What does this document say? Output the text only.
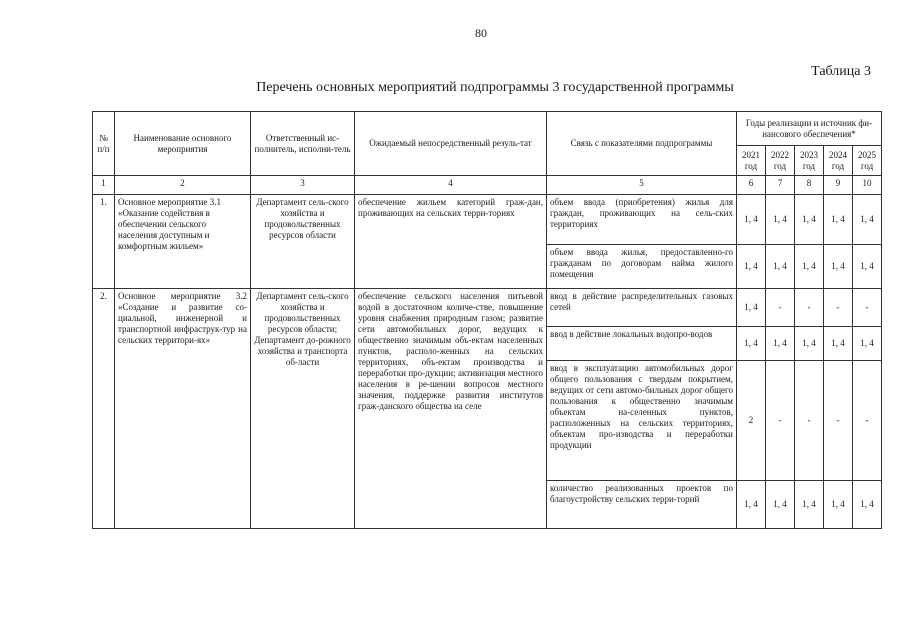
80
Таблица 3
Перечень основных мероприятий подпрограммы 3 государственной программы
№ п/п	Наименование основного мероприятия	Ответственный ис-полнитель, исполни-тель	Ожидаемый непосредственный резуль-тат	Связь с показателями подпрограммы	Годы реализации и источник фи-нансового обеспечения*				
					2021 год	2022 год	2023 год	2024 год	2025 год
1	2	3	4	5	6	7	8	9	10
1.	Основное мероприятие 3.1 «Оказание содействия в обеспечении сельского населения доступным и комфортным жильем»	Департамент сель-ского хозяйства и продовольственных ресурсов области	обеспечение жильем категорий граж-дан, проживающих на сельских терри-ториях	объем ввода (приобретения) жилья для граждан, проживающих на сель-ских территориях	1, 4	1, 4	1, 4	1, 4	1, 4
				объем ввода жилья, предоставленно-го гражданам по договорам найма жилого помещения	1, 4	1, 4	1, 4	1, 4	1, 4
2.	Основное мероприятие 3.2 «Создание и развитие со-циальной, инженерной и транспортной инфраструк-тур на сельских территори-ях»	Департамент сель-ского хозяйства и продовольственных ресурсов области; Департамент до-рожного хозяйства и транспорта об-ласти	обеспечение сельского населения питьевой водой в достаточном количе-стве, повышение уровня снабжения природным газом; развитие сети автомобильных дорог, ведущих к общественно значимым объ-ектам населенных пунктов, располо-женных на сельских территориях, объ-ектам производства и переработки про-дукции; активизация местного населения в ре-шении вопросов местного значения, поддержке развития институтов граж-данского общества на селе	ввод в действие распределительных газовых сетей	1, 4	-	-	-	-
				ввод в действие локальных водопро-водов	1, 4	1, 4	1, 4	1, 4	1, 4
				ввод в эксплуатацию автомобильных дорог общего пользования с твердым покрытием, ведущих от сети автомо-бильных дорог общего пользования к общественно значимым объектам на-селенных пунктов, расположенных на сельских территориях, объектам про-изводства и переработки продукции	2	-	-	-	-
				количество реализованных проектов по благоустройству сельских терри-торий	1, 4	1, 4	1, 4	1, 4	1, 4
